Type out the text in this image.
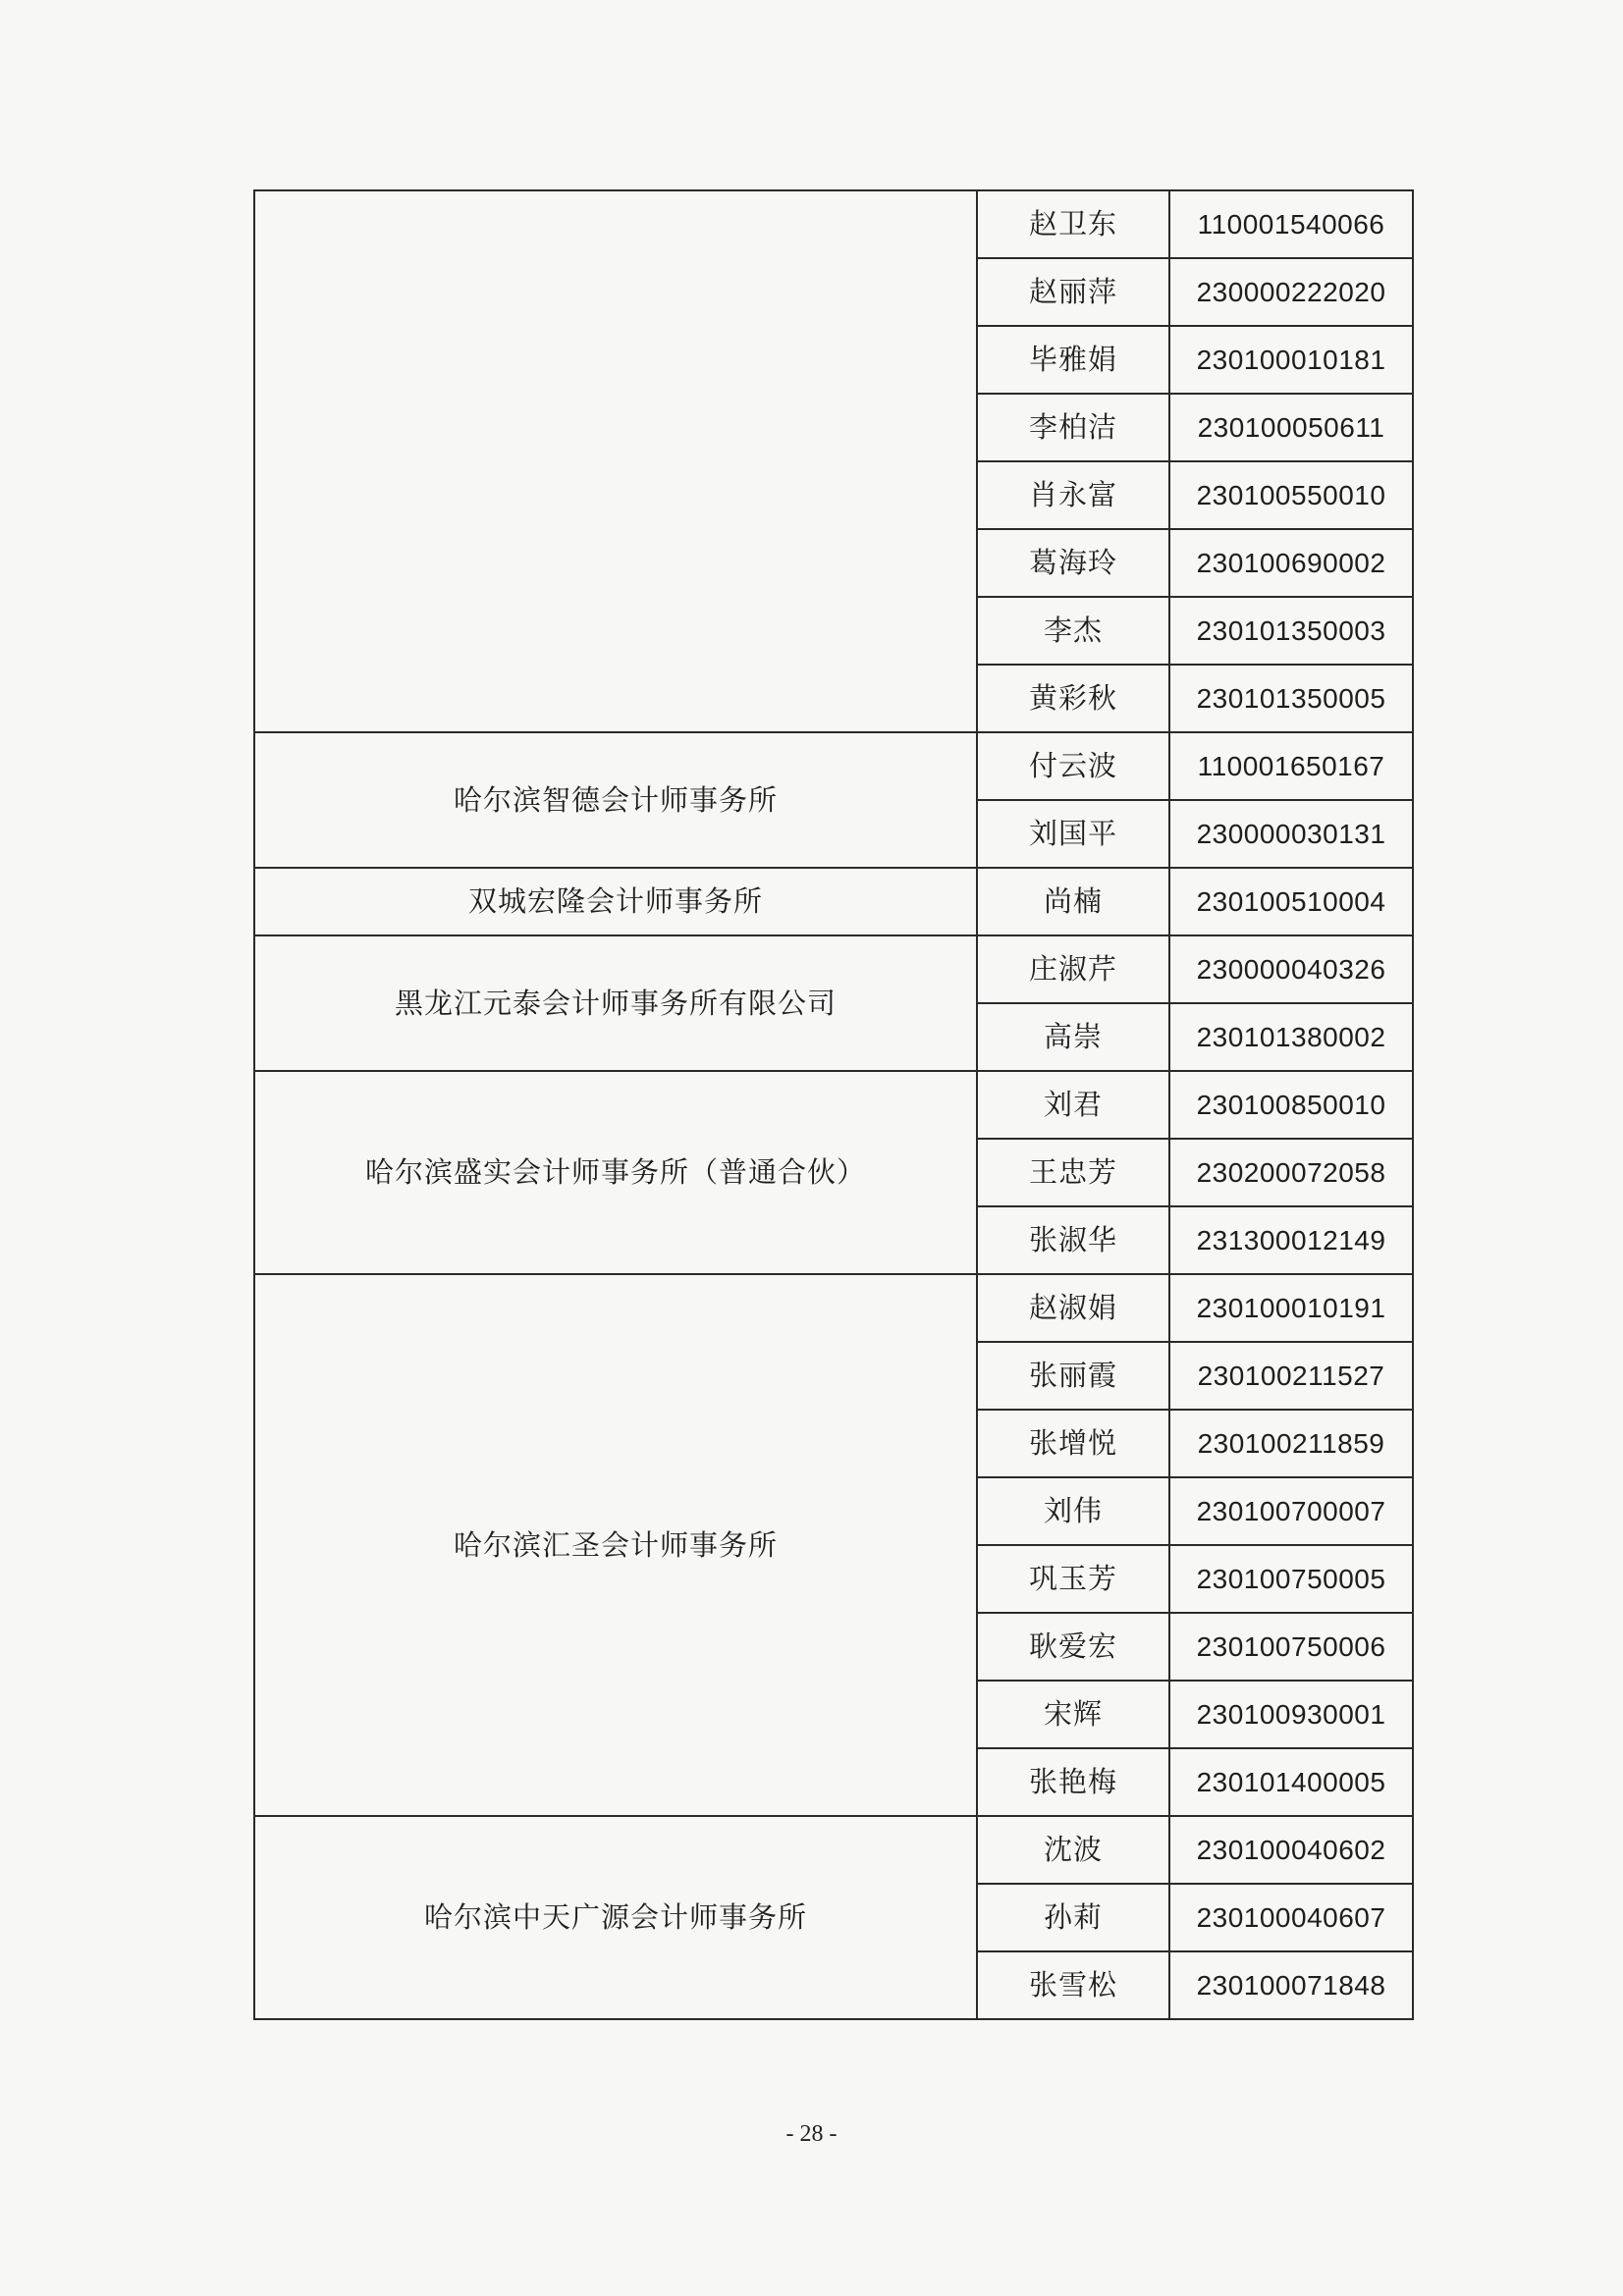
	赵卫东	110001540066
	赵丽萍	230000222020
	毕雅娟	230100010181
	李柏洁	230100050611
	肖永富	230100550010
	葛海玲	230100690002
	李杰	230101350003
	黄彩秋	230101350005
哈尔滨智德会计师事务所	付云波	110001650167
	刘国平	230000030131
双城宏隆会计师事务所	尚楠	230100510004
黑龙江元泰会计师事务所有限公司	庄淑芹	230000040326
	高崇	230101380002
哈尔滨盛实会计师事务所（普通合伙）	刘君	230100850010
	王忠芳	230200072058
	张淑华	231300012149
哈尔滨汇圣会计师事务所	赵淑娟	230100010191
	张丽霞	230100211527
	张增悦	230100211859
	刘伟	230100700007
	巩玉芳	230100750005
	耿爱宏	230100750006
	宋辉	230100930001
	张艳梅	230101400005
哈尔滨中天广源会计师事务所	沈波	230100040602
	孙莉	230100040607
	张雪松	230100071848
- 28 -
